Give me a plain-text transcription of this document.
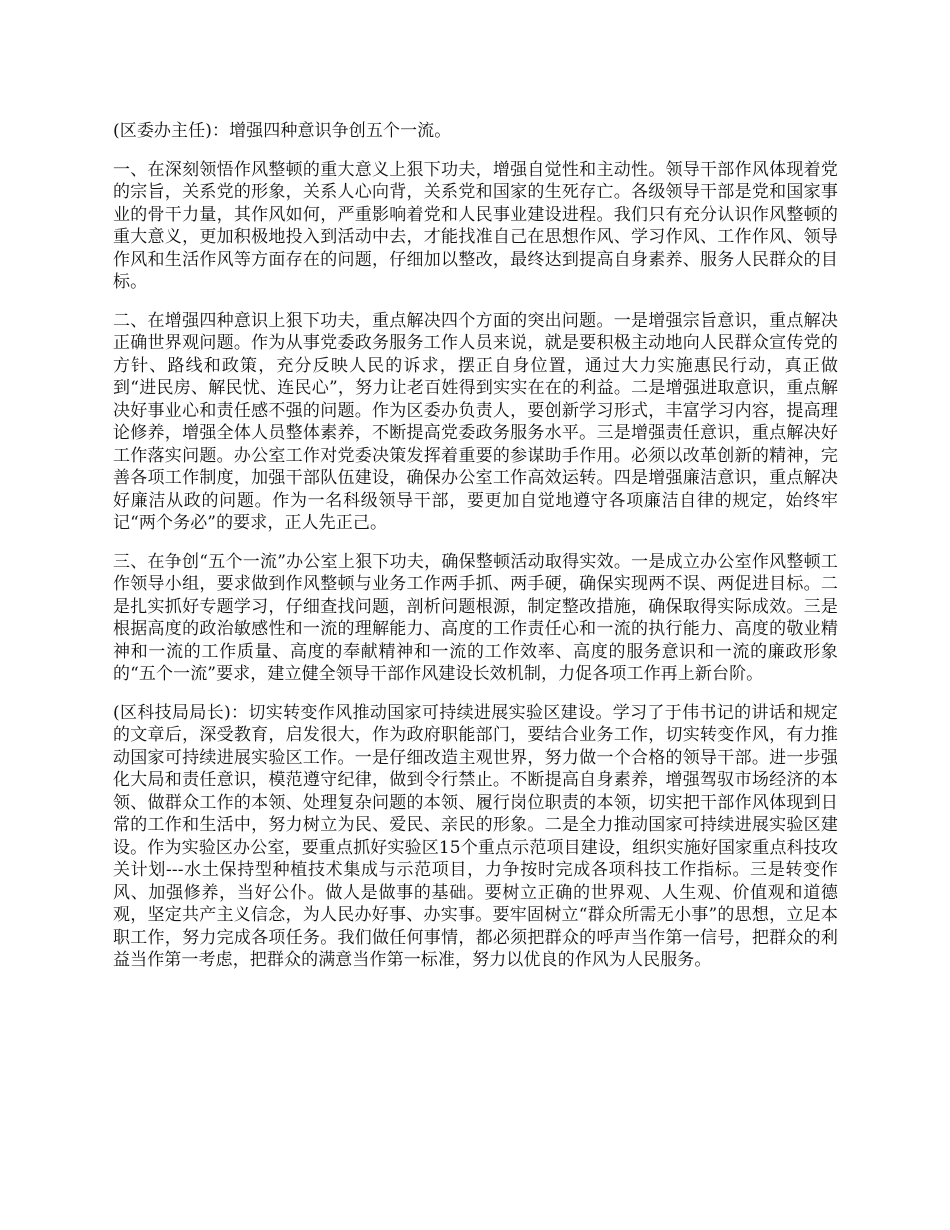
(区委办主任)：增强四种意识争创五个一流。

一、在深刻领悟作风整顿的重大意义上狠下功夫，增强自觉性和主动性。领导干部作风体现着党的宗旨，关系党的形象，关系人心向背，关系党和国家的生死存亡。各级领导干部是党和国家事业的骨干力量，其作风如何，严重影响着党和人民事业建设进程。我们只有充分认识作风整顿的重大意义，更加积极地投入到活动中去，才能找准自己在思想作风、学习作风、工作作风、领导作风和生活作风等方面存在的问题，仔细加以整改，最终达到提高自身素养、服务人民群众的目标。

二、在增强四种意识上狠下功夫，重点解决四个方面的突出问题。一是增强宗旨意识，重点解决正确世界观问题。作为从事党委政务服务工作人员来说，就是要积极主动地向人民群众宣传党的方针、路线和政策，充分反映人民的诉求，摆正自身位置，通过大力实施惠民行动，真正做到“进民房、解民忧、连民心”，努力让老百姓得到实实在在的利益。二是增强进取意识，重点解决好事业心和责任感不强的问题。作为区委办负责人，要创新学习形式，丰富学习内容，提高理论修养，增强全体人员整体素养，不断提高党委政务服务水平。三是增强责任意识，重点解决好工作落实问题。办公室工作对党委决策发挥着重要的参谋助手作用。必须以改革创新的精神，完善各项工作制度，加强干部队伍建设，确保办公室工作高效运转。四是增强廉洁意识，重点解决好廉洁从政的问题。作为一名科级领导干部，要更加自觉地遵守各项廉洁自律的规定，始终牢记“两个务必”的要求，正人先正己。

三、在争创“五个一流”办公室上狠下功夫，确保整顿活动取得实效。一是成立办公室作风整顿工作领导小组，要求做到作风整顿与业务工作两手抓、两手硬，确保实现两不误、两促进目标。二是扎实抓好专题学习，仔细查找问题，剖析问题根源，制定整改措施，确保取得实际成效。三是根据高度的政治敏感性和一流的理解能力、高度的工作责任心和一流的执行能力、高度的敬业精神和一流的工作质量、高度的奉献精神和一流的工作效率、高度的服务意识和一流的廉政形象的“五个一流”要求，建立健全领导干部作风建设长效机制，力促各项工作再上新台阶。

(区科技局局长)：切实转变作风推动国家可持续进展实验区建设。学习了于伟书记的讲话和规定的文章后，深受教育，启发很大，作为政府职能部门，要结合业务工作，切实转变作风，有力推动国家可持续进展实验区工作。一是仔细改造主观世界，努力做一个合格的领导干部。进一步强化大局和责任意识，模范遵守纪律，做到令行禁止。不断提高自身素养，增强驾驭市场经济的本领、做群众工作的本领、处理复杂问题的本领、履行岗位职责的本领，切实把干部作风体现到日常的工作和生活中，努力树立为民、爱民、亲民的形象。二是全力推动国家可持续进展实验区建设。作为实验区办公室，要重点抓好实验区15个重点示范项目建设，组织实施好国家重点科技攻关计划---水土保持型种植技术集成与示范项目，力争按时完成各项科技工作指标。三是转变作风、加强修养，当好公仆。做人是做事的基础。要树立正确的世界观、人生观、价值观和道德观，坚定共产主义信念，为人民办好事、办实事。要牢固树立“群众所需无小事”的思想，立足本职工作，努力完成各项任务。我们做任何事情，都必须把群众的呼声当作第一信号，把群众的利益当作第一考虑，把群众的满意当作第一标准，努力以优良的作风为人民服务。
